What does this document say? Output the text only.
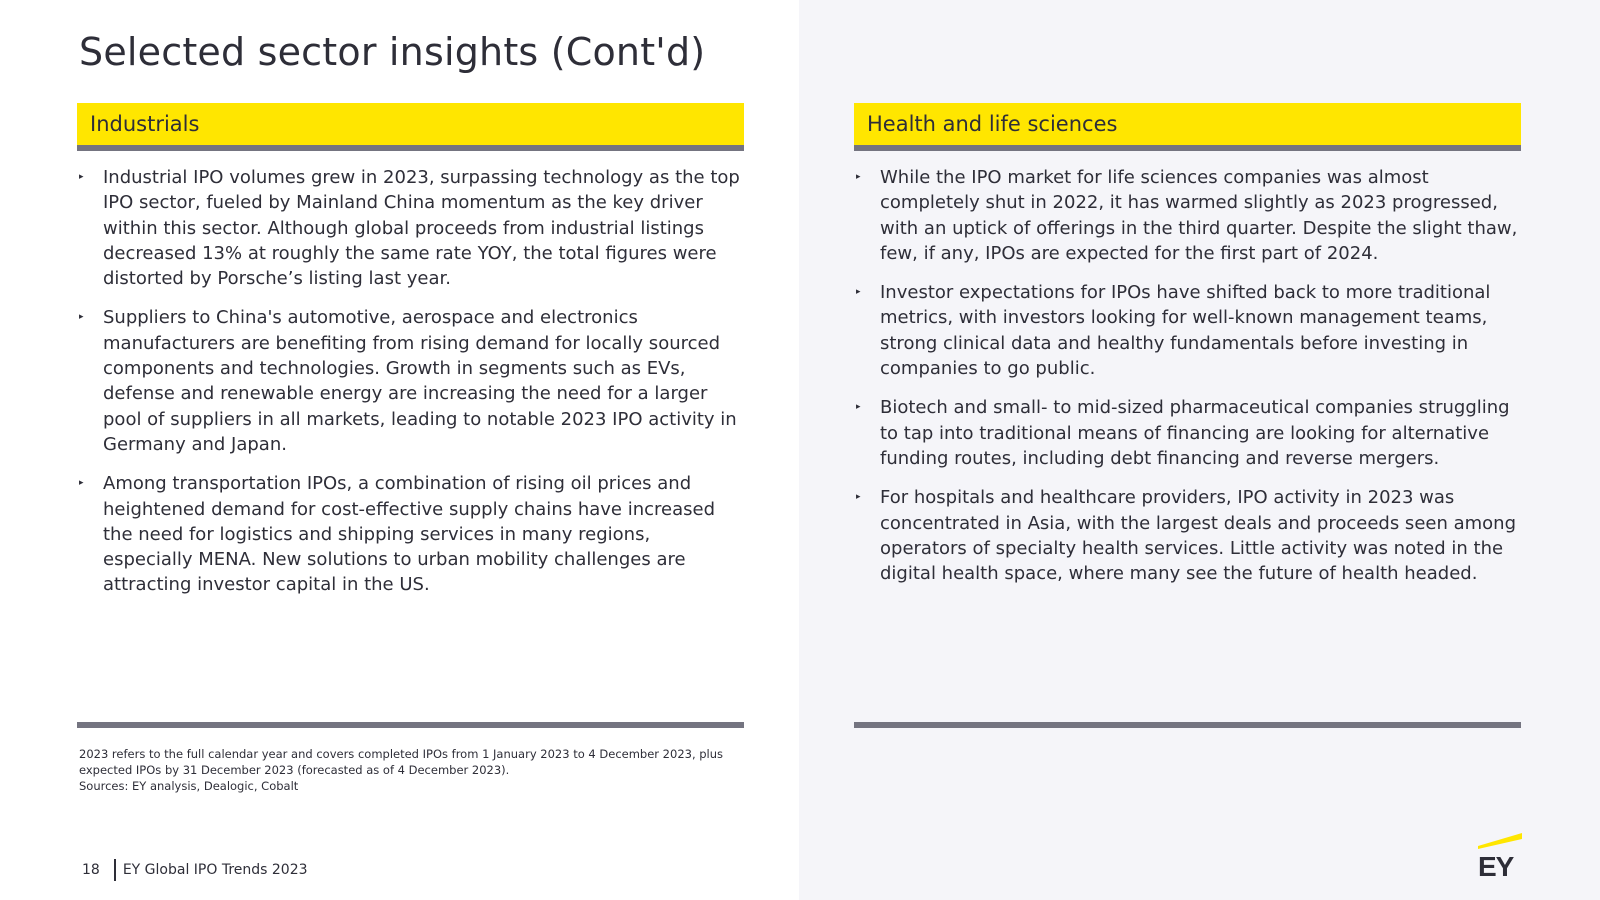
Selected sector insights (Cont'd)
Industrials
▸ Industrial IPO volumes grew in 2023, surpassing technology as the top IPO sector, fueled by Mainland China momentum as the key driver within this sector. Although global proceeds from industrial listings decreased 13% at roughly the same rate YOY, the total figures were distorted by Porsche’s listing last year.
▸ Suppliers to China's automotive, aerospace and electronics manufacturers are benefiting from rising demand for locally sourced components and technologies. Growth in segments such as EVs, defense and renewable energy are increasing the need for a larger pool of suppliers in all markets, leading to notable 2023 IPO activity in Germany and Japan.
▸ Among transportation IPOs, a combination of rising oil prices and heightened demand for cost-effective supply chains have increased the need for logistics and shipping services in many regions, especially MENA. New solutions to urban mobility challenges are attracting investor capital in the US.
Health and life sciences
▸ While the IPO market for life sciences companies was almost completely shut in 2022, it has warmed slightly as 2023 progressed, with an uptick of offerings in the third quarter. Despite the slight thaw, few, if any, IPOs are expected for the first part of 2024.
▸ Investor expectations for IPOs have shifted back to more traditional metrics, with investors looking for well-known management teams, strong clinical data and healthy fundamentals before investing in companies to go public.
▸ Biotech and small- to mid-sized pharmaceutical companies struggling to tap into traditional means of financing are looking for alternative funding routes, including debt financing and reverse mergers.
▸ For hospitals and healthcare providers, IPO activity in 2023 was concentrated in Asia, with the largest deals and proceeds seen among operators of specialty health services. Little activity was noted in the digital health space, where many see the future of health headed.
2023 refers to the full calendar year and covers completed IPOs from 1 January 2023 to 4 December 2023, plus expected IPOs by 31 December 2023 (forecasted as of 4 December 2023).
Sources: EY analysis, Dealogic, Cobalt
18 EY Global IPO Trends 2023	EY
